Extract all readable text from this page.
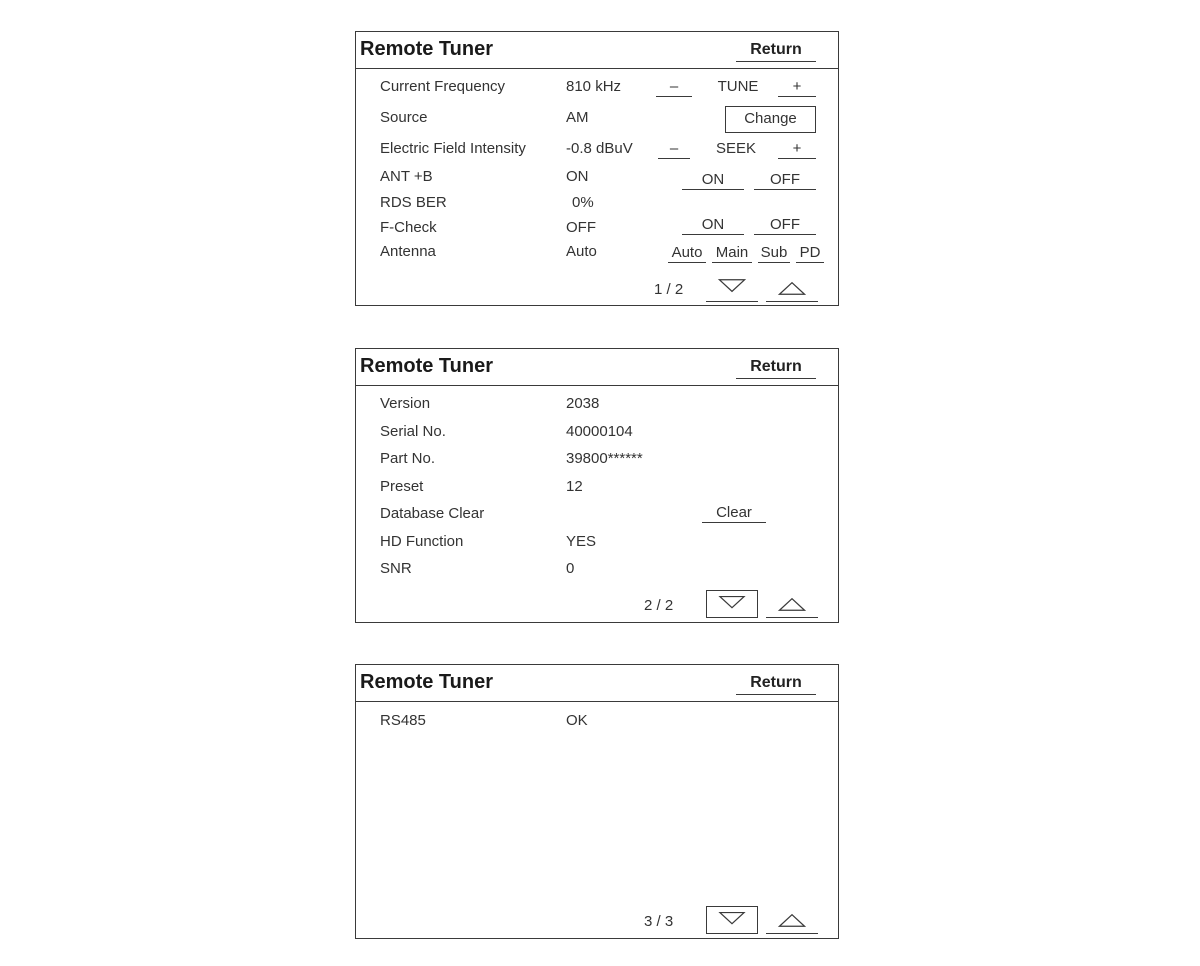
Remote Tuner	Return
Current Frequency	810 kHz	–	TUNE	+
Source	AM	Change
Electric Field Intensity	-0.8 dBuV	–	SEEK	+
ANT +B	ON	ON	OFF
RDS BER	0%
F-Check	OFF	ON	OFF
Antenna	Auto	Auto Main Sub PD
1 / 2
Remote Tuner	Return
Version	2038
Serial No.	40000104
Part No.	39800******
Preset	12
Database Clear	Clear
HD Function	YES
SNR	0
2 / 2
Remote Tuner	Return
RS485	OK
3 / 3
